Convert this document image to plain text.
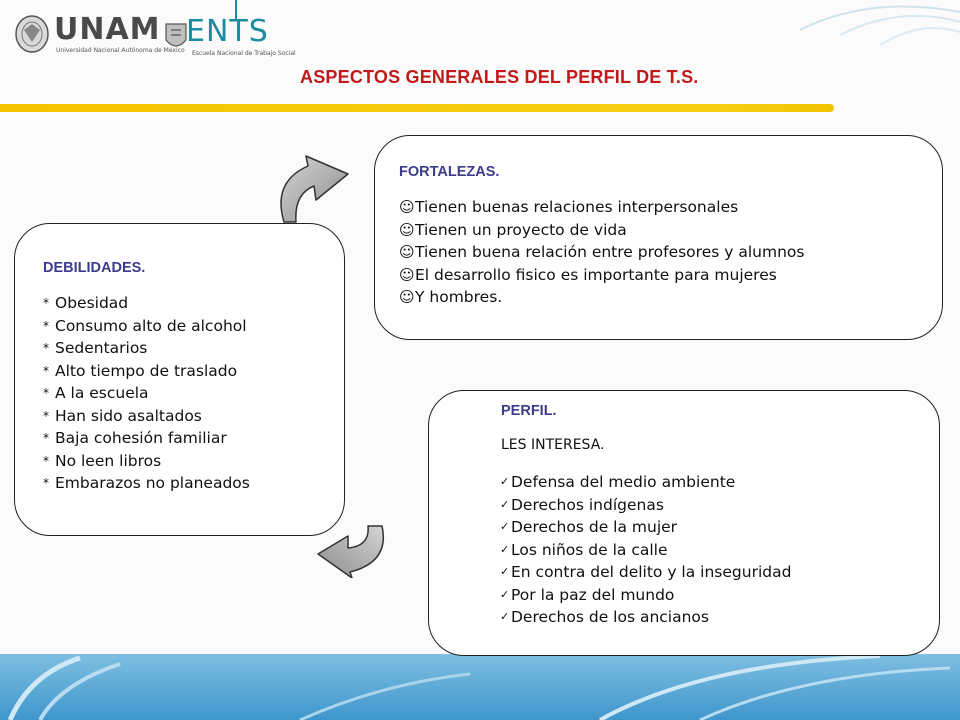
UNAM
Universidad Nacional Autónoma de México
ENTS
Escuela Nacional de Trabajo Social
ASPECTOS GENERALES DEL PERFIL DE T.S.
DEBILIDADES.
* Obesidad
* Consumo alto de alcohol
* Sedentarios
* Alto tiempo de traslado
* A la escuela
* Han sido asaltados
* Baja cohesión familiar
* No leen libros
* Embarazos no planeados
FORTALEZAS.
☺Tienen buenas relaciones interpersonales
☺Tienen un proyecto de vida
☺Tienen buena relación entre profesores y alumnos
☺El desarrollo fisico es importante para mujeres
☺Y hombres.
PERFIL.
LES INTERESA.
✓ Defensa del medio ambiente
✓ Derechos indígenas
✓ Derechos de la mujer
✓ Los niños de la calle
✓ En contra del delito y la inseguridad
✓ Por la paz del mundo
✓ Derechos de los ancianos
